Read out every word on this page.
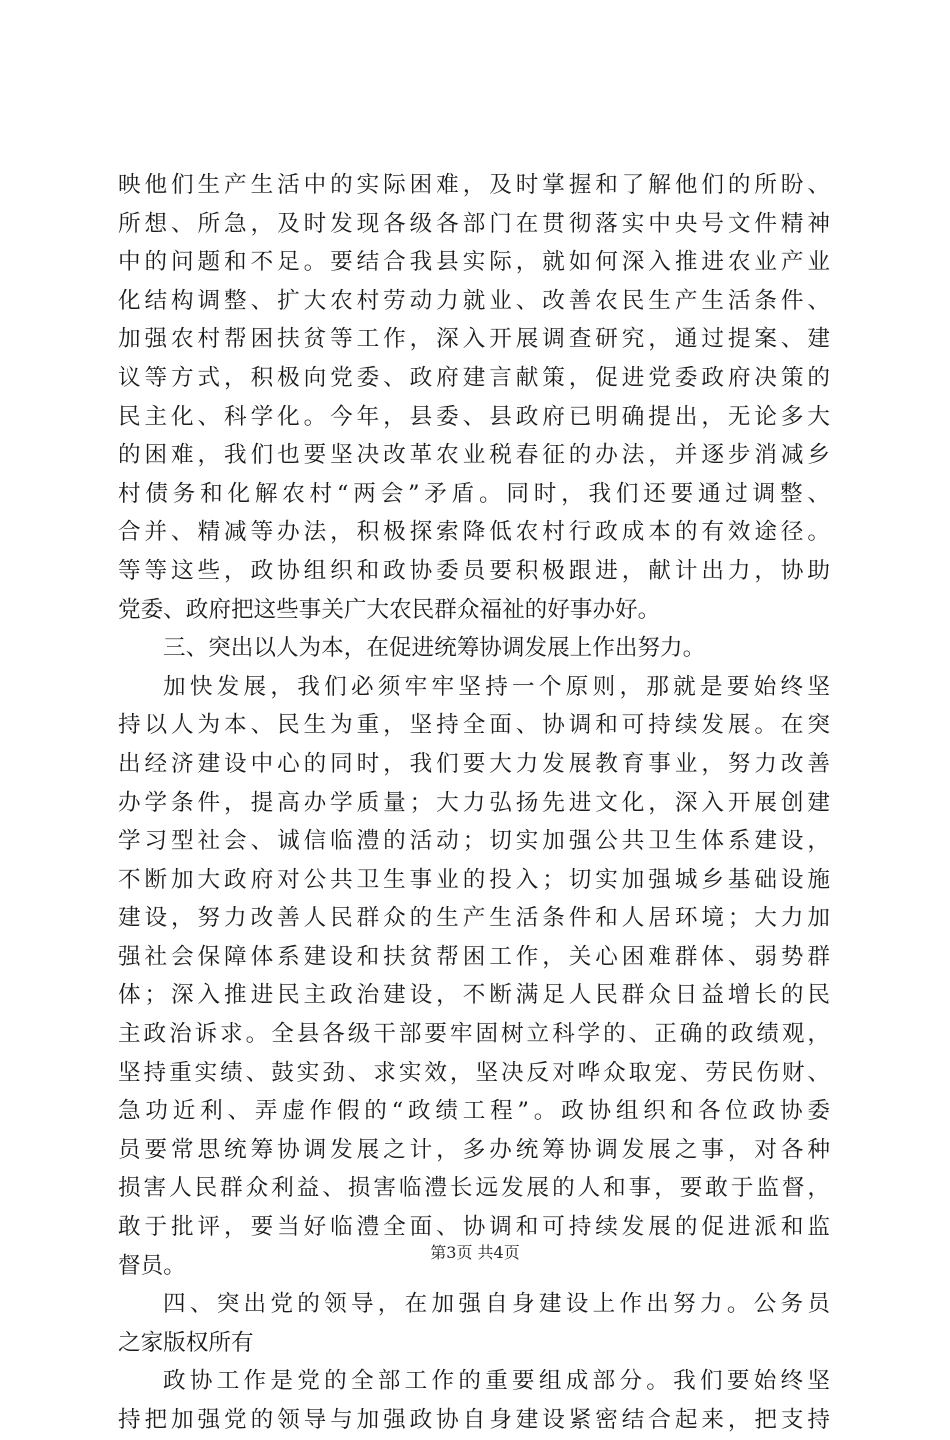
映他们生产生活中的实际困难，及时掌握和了解他们的所盼、
所想、所急，及时发现各级各部门在贯彻落实中央号文件精神
中的问题和不足。要结合我县实际，就如何深入推进农业产业
化结构调整、扩大农村劳动力就业、改善农民生产生活条件、
加强农村帮困扶贫等工作，深入开展调查研究，通过提案、建
议等方式，积极向党委、政府建言献策，促进党委政府决策的
民主化、科学化。今年，县委、县政府已明确提出，无论多大
的困难，我们也要坚决改革农业税春征的办法，并逐步消减乡
村债务和化解农村“两会”矛盾。同时，我们还要通过调整、
合并、精减等办法，积极探索降低农村行政成本的有效途径。
等等这些，政协组织和政协委员要积极跟进，献计出力，协助
党委、政府把这些事关广大农民群众福祉的好事办好。
三、突出以人为本，在促进统筹协调发展上作出努力。
加快发展，我们必须牢牢坚持一个原则，那就是要始终坚
持以人为本、民生为重，坚持全面、协调和可持续发展。在突
出经济建设中心的同时，我们要大力发展教育事业，努力改善
办学条件，提高办学质量；大力弘扬先进文化，深入开展创建
学习型社会、诚信临澧的活动；切实加强公共卫生体系建设，
不断加大政府对公共卫生事业的投入；切实加强城乡基础设施
建设，努力改善人民群众的生产生活条件和人居环境；大力加
强社会保障体系建设和扶贫帮困工作，关心困难群体、弱势群
体；深入推进民主政治建设，不断满足人民群众日益增长的民
主政治诉求。全县各级干部要牢固树立科学的、正确的政绩观，
坚持重实绩、鼓实劲、求实效，坚决反对哗众取宠、劳民伤财、
急功近利、弄虚作假的“政绩工程”。政协组织和各位政协委
员要常思统筹协调发展之计，多办统筹协调发展之事，对各种
损害人民群众利益、损害临澧长远发展的人和事，要敢于监督，
敢于批评，要当好临澧全面、协调和可持续发展的促进派和监
督员。
四、突出党的领导，在加强自身建设上作出努力。公务员
之家版权所有
政协工作是党的全部工作的重要组成部分。我们要始终坚
持把加强党的领导与加强政协自身建设紧密结合起来，把支持
第3页 共4页
